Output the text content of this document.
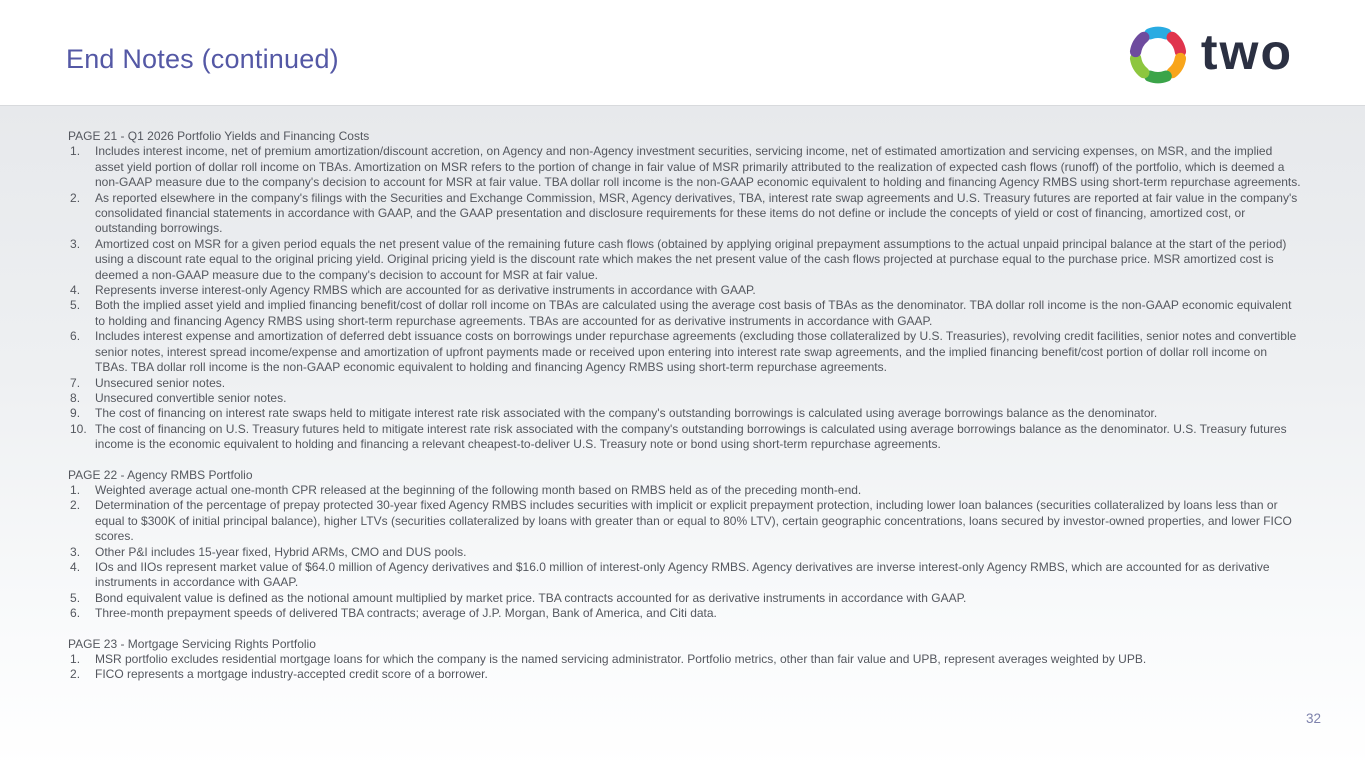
End Notes (continued)	two
PAGE 21 - Q1 2026 Portfolio Yields and Financing Costs
Includes interest income, net of premium amortization/discount accretion, on Agency and non-Agency investment securities, servicing income, net of estimated amortization and servicing expenses, on MSR, and the implied asset yield portion of dollar roll income on TBAs. Amortization on MSR refers to the portion of change in fair value of MSR primarily attributed to the realization of expected cash flows (runoff) of the portfolio, which is deemed a non-GAAP measure due to the company's decision to account for MSR at fair value. TBA dollar roll income is the non-GAAP economic equivalent to holding and financing Agency RMBS using short-term repurchase agreements.
As reported elsewhere in the company's filings with the Securities and Exchange Commission, MSR, Agency derivatives, TBA, interest rate swap agreements and U.S. Treasury futures are reported at fair value in the company's consolidated financial statements in accordance with GAAP, and the GAAP presentation and disclosure requirements for these items do not define or include the concepts of yield or cost of financing, amortized cost, or outstanding borrowings.
Amortized cost on MSR for a given period equals the net present value of the remaining future cash flows (obtained by applying original prepayment assumptions to the actual unpaid principal balance at the start of the period) using a discount rate equal to the original pricing yield. Original pricing yield is the discount rate which makes the net present value of the cash flows projected at purchase equal to the purchase price. MSR amortized cost is deemed a non-GAAP measure due to the company's decision to account for MSR at fair value.
Represents inverse interest-only Agency RMBS which are accounted for as derivative instruments in accordance with GAAP.
Both the implied asset yield and implied financing benefit/cost of dollar roll income on TBAs are calculated using the average cost basis of TBAs as the denominator. TBA dollar roll income is the non-GAAP economic equivalent to holding and financing Agency RMBS using short-term repurchase agreements. TBAs are accounted for as derivative instruments in accordance with GAAP.
Includes interest expense and amortization of deferred debt issuance costs on borrowings under repurchase agreements (excluding those collateralized by U.S. Treasuries), revolving credit facilities, senior notes and convertible senior notes, interest spread income/expense and amortization of upfront payments made or received upon entering into interest rate swap agreements, and the implied financing benefit/cost portion of dollar roll income on TBAs. TBA dollar roll income is the non-GAAP economic equivalent to holding and financing Agency RMBS using short-term repurchase agreements.
Unsecured senior notes.
Unsecured convertible senior notes.
The cost of financing on interest rate swaps held to mitigate interest rate risk associated with the company's outstanding borrowings is calculated using average borrowings balance as the denominator.
The cost of financing on U.S. Treasury futures held to mitigate interest rate risk associated with the company's outstanding borrowings is calculated using average borrowings balance as the denominator. U.S. Treasury futures income is the economic equivalent to holding and financing a relevant cheapest-to-deliver U.S. Treasury note or bond using short-term repurchase agreements.
PAGE 22 - Agency RMBS Portfolio
Weighted average actual one-month CPR released at the beginning of the following month based on RMBS held as of the preceding month-end.
Determination of the percentage of prepay protected 30-year fixed Agency RMBS includes securities with implicit or explicit prepayment protection, including lower loan balances (securities collateralized by loans less than or equal to $300K of initial principal balance), higher LTVs (securities collateralized by loans with greater than or equal to 80% LTV), certain geographic concentrations, loans secured by investor-owned properties, and lower FICO scores.
Other P&I includes 15-year fixed, Hybrid ARMs, CMO and DUS pools.
IOs and IIOs represent market value of $64.0 million of Agency derivatives and $16.0 million of interest-only Agency RMBS. Agency derivatives are inverse interest-only Agency RMBS, which are accounted for as derivative instruments in accordance with GAAP.
Bond equivalent value is defined as the notional amount multiplied by market price. TBA contracts accounted for as derivative instruments in accordance with GAAP.
Three-month prepayment speeds of delivered TBA contracts; average of J.P. Morgan, Bank of America, and Citi data.
PAGE 23 - Mortgage Servicing Rights Portfolio
MSR portfolio excludes residential mortgage loans for which the company is the named servicing administrator. Portfolio metrics, other than fair value and UPB, represent averages weighted by UPB.
FICO represents a mortgage industry-accepted credit score of a borrower.
32
